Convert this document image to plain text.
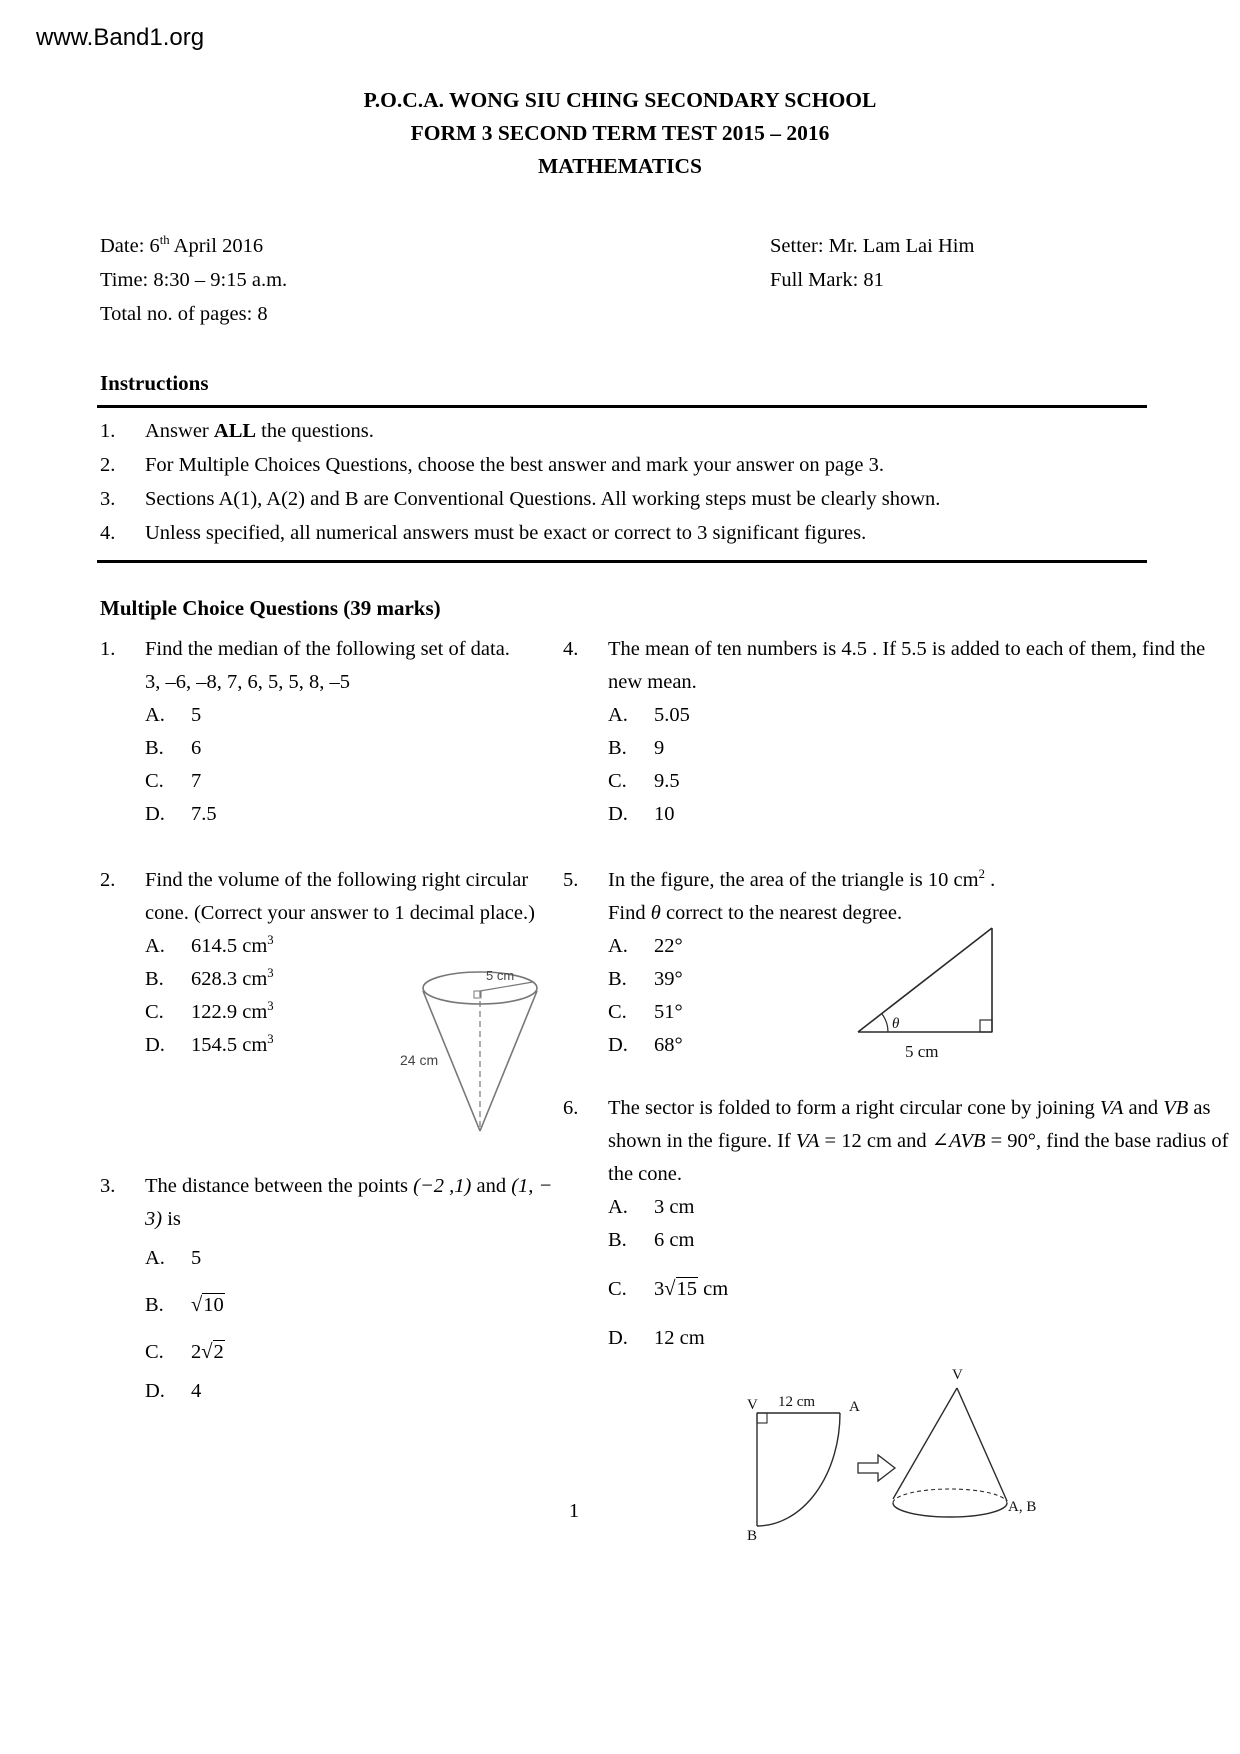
www.Band1.org
P.O.C.A. WONG SIU CHING SECONDARY SCHOOL
FORM 3 SECOND TERM TEST 2015 – 2016
MATHEMATICS
Date: 6th April 2016
Time: 8:30 – 9:15 a.m.
Total no. of pages: 8
Setter: Mr. Lam Lai Him
Full Mark: 81
Instructions
1.	Answer ALL the questions.
2.	For Multiple Choices Questions, choose the best answer and mark your answer on page 3.
3.	Sections A(1), A(2) and B are Conventional Questions. All working steps must be clearly shown.
4.	Unless specified, all numerical answers must be exact or correct to 3 significant figures.
Multiple Choice Questions (39 marks)
1.	Find the median of the following set of data.

3, –6, –8, 7, 6, 5, 5, 8, –5

A.	5
B.	6
C.	7
D.	7.5
2.	Find the volume of the following right circular cone. (Correct your answer to 1 decimal place.)

A.	614.5 $cm^3$
B.	628.3 $cm^3$
C.	122.9 $cm^3$
D.	154.5 $cm^3$
5 cm
24 cm
3.	The distance between the points (−2 ,1) and (1, − 3) is

A.	5
B.	√10
C.	2√2
D.	4
4.	The mean of ten numbers is 4.5 . If 5.5 is added to each of them, find the new mean.

A.	5.05
B.	9
C.	9.5
D.	10
5.	In the figure, the area of the triangle is 10 $cm^2$ .

Find θ correct to the nearest degree.

A.	22°
B.	39°
C.	51°
D.	68°
θ
5 cm
6.	The sector is folded to form a right circular cone by joining VA and VB as shown in the figure. If VA = 12 cm and ∠AVB = 90°, find the base radius of the cone.

A.	3 cm
B.	6 cm
C.	3√15 cm
D.	12 cm
V 12 cm A
B
V
A, B
1
